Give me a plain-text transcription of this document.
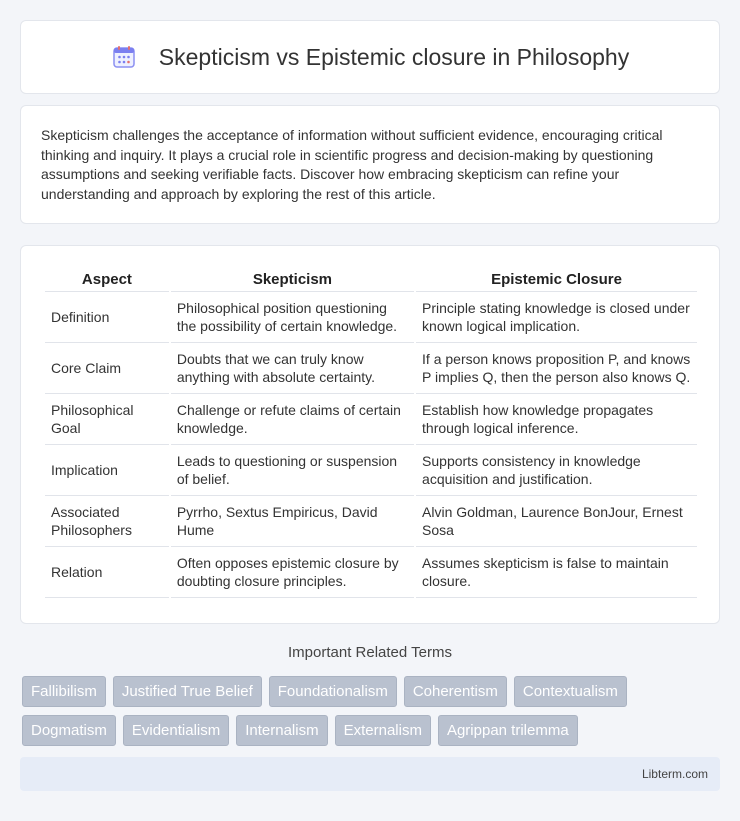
Skepticism vs Epistemic closure in Philosophy

Skepticism challenges the acceptance of information without sufficient evidence, encouraging critical thinking and inquiry. It plays a crucial role in scientific progress and decision-making by questioning assumptions and seeking verifiable facts. Discover how embracing skepticism can refine your understanding and approach by exploring the rest of this article.

Aspect	Skepticism	Epistemic Closure
Definition	Philosophical position questioning the possibility of certain knowledge.	Principle stating knowledge is closed under known logical implication.
Core Claim	Doubts that we can truly know anything with absolute certainty.	If a person knows proposition P, and knows P implies Q, then the person also knows Q.
Philosophical Goal	Challenge or refute claims of certain knowledge.	Establish how knowledge propagates through logical inference.
Implication	Leads to questioning or suspension of belief.	Supports consistency in knowledge acquisition and justification.
Associated Philosophers	Pyrrho, Sextus Empiricus, David Hume	Alvin Goldman, Laurence BonJour, Ernest Sosa
Relation	Often opposes epistemic closure by doubting closure principles.	Assumes skepticism is false to maintain closure.
Important Related Terms
Fallibilism	Justified True Belief	Foundationalism	Coherentism	Contextualism
Dogmatism	Evidentialism	Internalism	Externalism	Agrippan trilemma
Libterm.com
